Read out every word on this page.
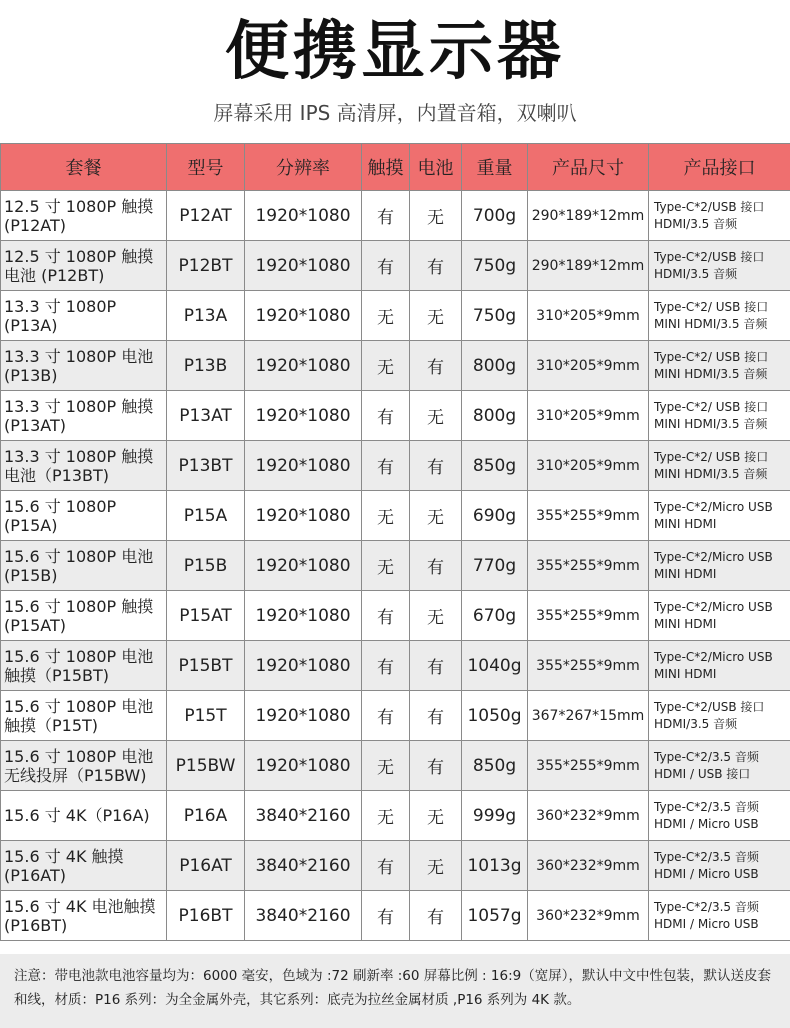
便携显示器
屏幕采用 IPS 高清屏，内置音箱，双喇叭
套餐	型号	分辨率	触摸	电池	重量	产品尺寸	产品接口
12.5 寸 1080P 触摸(P12AT)	P12AT	1920*1080	有	无	700g	290*189*12mm	Type-C*2/USB 接口 HDMI/3.5 音频
12.5 寸 1080P 触摸电池 (P12BT)	P12BT	1920*1080	有	有	750g	290*189*12mm	Type-C*2/USB 接口 HDMI/3.5 音频
13.3 寸 1080P (P13A)	P13A	1920*1080	无	无	750g	310*205*9mm	Type-C*2/ USB 接口 MINI HDMI/3.5 音频
13.3 寸 1080P 电池 (P13B)	P13B	1920*1080	无	有	800g	310*205*9mm	Type-C*2/ USB 接口 MINI HDMI/3.5 音频
13.3 寸 1080P 触摸 (P13AT)	P13AT	1920*1080	有	无	800g	310*205*9mm	Type-C*2/ USB 接口 MINI HDMI/3.5 音频
13.3 寸 1080P 触摸电池（P13BT)	P13BT	1920*1080	有	有	850g	310*205*9mm	Type-C*2/ USB 接口 MINI HDMI/3.5 音频
15.6 寸 1080P (P15A)	P15A	1920*1080	无	无	690g	355*255*9mm	Type-C*2/Micro USB MINI HDMI
15.6 寸 1080P 电池 (P15B)	P15B	1920*1080	无	有	770g	355*255*9mm	Type-C*2/Micro USB MINI HDMI
15.6 寸 1080P 触摸 (P15AT)	P15AT	1920*1080	有	无	670g	355*255*9mm	Type-C*2/Micro USB MINI HDMI
15.6 寸 1080P 电池触摸（P15BT)	P15BT	1920*1080	有	有	1040g	355*255*9mm	Type-C*2/Micro USB MINI HDMI
15.6 寸 1080P 电池触摸（P15T)	P15T	1920*1080	有	有	1050g	367*267*15mm	Type-C*2/USB 接口 HDMI/3.5 音频
15.6 寸 1080P 电池无线投屏（P15BW)	P15BW	1920*1080	无	有	850g	355*255*9mm	Type-C*2/3.5 音频 HDMI / USB 接口
15.6 寸 4K（P16A)	P16A	3840*2160	无	无	999g	360*232*9mm	Type-C*2/3.5 音频 HDMI / Micro USB
15.6 寸 4K 触摸 (P16AT)	P16AT	3840*2160	有	无	1013g	360*232*9mm	Type-C*2/3.5 音频 HDMI / Micro USB
15.6 寸 4K 电池触摸 (P16BT)	P16BT	3840*2160	有	有	1057g	360*232*9mm	Type-C*2/3.5 音频 HDMI / Micro USB
注意：带电池款电池容量均为：6000 毫安，色域为 :72 刷新率 :60 屏幕比例 : 16:9（宽屏），默认中文中性包装，默认送皮套和线，材质：P16 系列：为全金属外壳，其它系列：底壳为拉丝金属材质 ,P16 系列为 4K 款。
